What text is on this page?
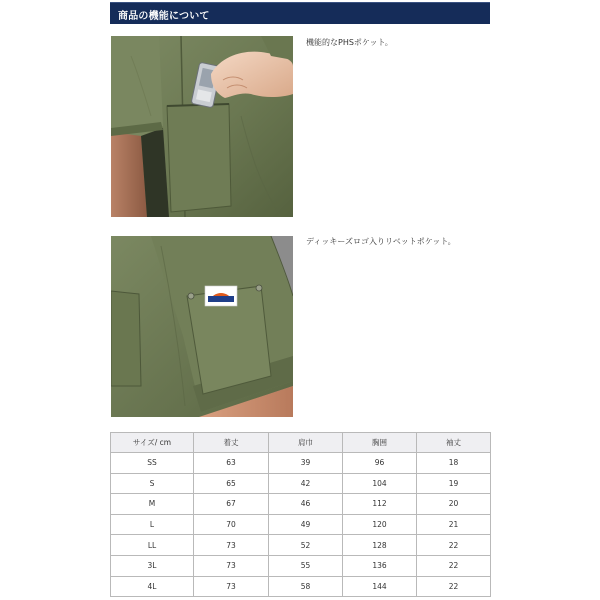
商品の機能について
機能的なPHSポケット。
ディッキーズロゴ入りリベットポケット。
サイズ/ cm	着丈	肩巾	胸囲	袖丈
SS	63	39	96	18
S	65	42	104	19
M	67	46	112	20
L	70	49	120	21
LL	73	52	128	22
3L	73	55	136	22
4L	73	58	144	22
